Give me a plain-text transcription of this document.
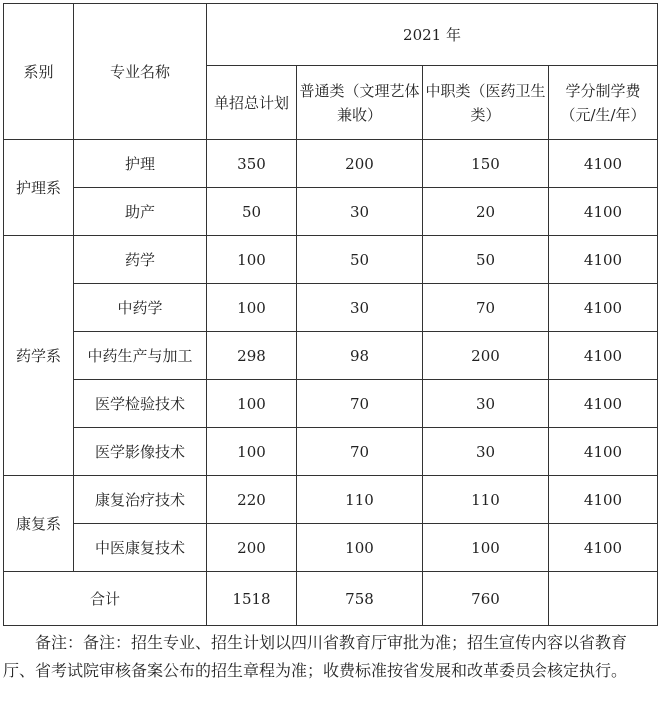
系别	专业名称	2021 年			
		单招总计划	普通类（文理艺体兼收）	中职类（医药卫生类）	学分制学费（元/生/年）
护理系	护理	350	200	150	4100
	助产	50	30	20	4100
药学系	药学	100	50	50	4100
	中药学	100	30	70	4100
	中药生产与加工	298	98	200	4100
	医学检验技术	100	70	30	4100
	医学影像技术	100	70	30	4100
康复系	康复治疗技术	220	110	110	4100
	中医康复技术	200	100	100	4100
合计		1518	758	760	
备注：备注：招生专业、招生计划以四川省教育厅审批为准；招生宣传内容以省教育厅、省考试院审核备案公布的招生章程为准；收费标准按省发展和改革委员会核定执行。
